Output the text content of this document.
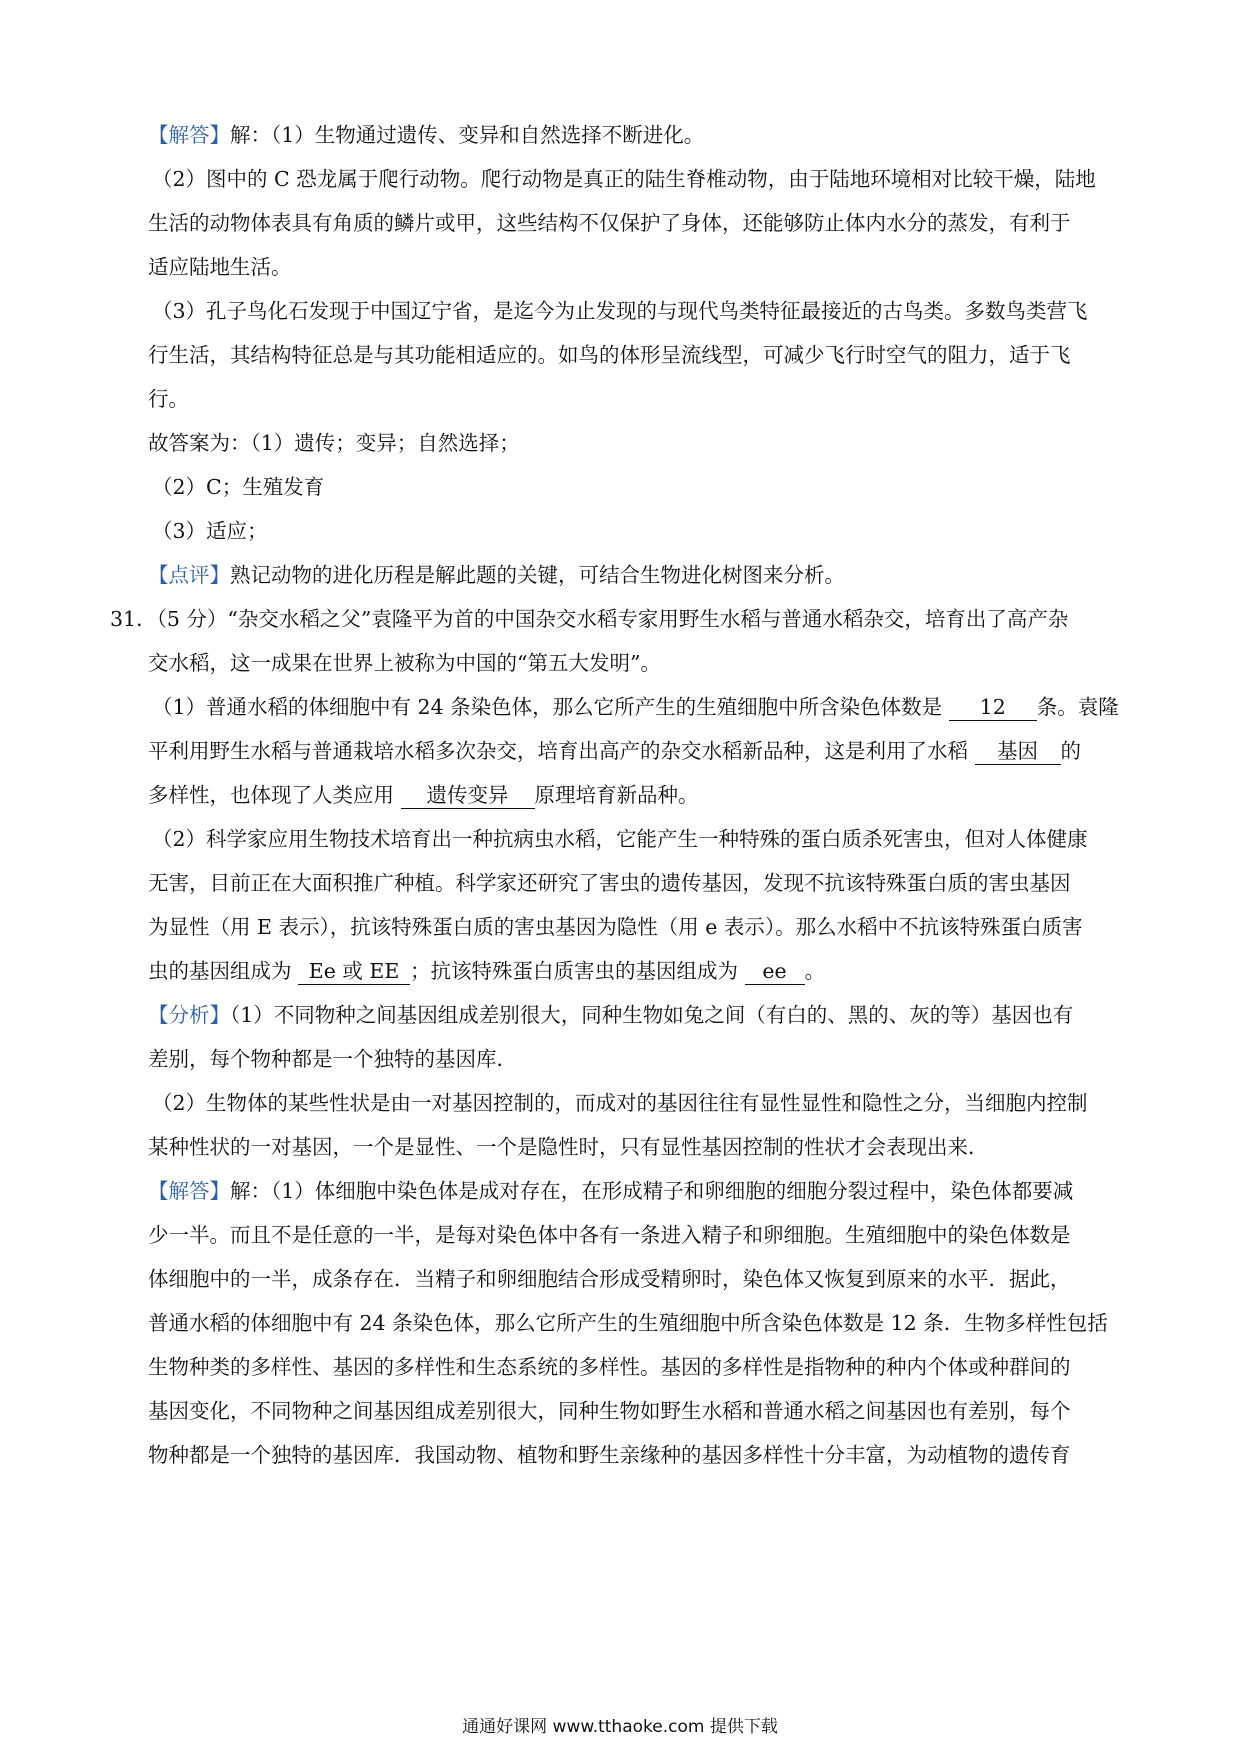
【解答】解：（1）生物通过遗传、变异和自然选择不断进化。
（2）图中的 C 恐龙属于爬行动物。爬行动物是真正的陆生脊椎动物，由于陆地环境相对比较干燥，陆地
生活的动物体表具有角质的鳞片或甲，这些结构不仅保护了身体，还能够防止体内水分的蒸发，有利于
适应陆地生活。
（3）孔子鸟化石发现于中国辽宁省，是迄今为止发现的与现代鸟类特征最接近的古鸟类。多数鸟类营飞
行生活，其结构特征总是与其功能相适应的。如鸟的体形呈流线型，可减少飞行时空气的阻力，适于飞
行。
故答案为：（1）遗传；变异；自然选择；
（2）C；生殖发育
（3）适应；
【点评】熟记动物的进化历程是解此题的关键，可结合生物进化树图来分析。
31．（5 分）“杂交水稻之父”袁隆平为首的中国杂交水稻专家用野生水稻与普通水稻杂交，培育出了高产杂
交水稻，这一成果在世界上被称为中国的“第五大发明”。
（1）普通水稻的体细胞中有 24 条染色体，那么它所产生的生殖细胞中所含染色体数是 12 条。袁隆
平利用野生水稻与普通栽培水稻多次杂交，培育出高产的杂交水稻新品种，这是利用了水稻 基因 的
多样性，也体现了人类应用 遗传变异 原理培育新品种。
（2）科学家应用生物技术培育出一种抗病虫水稻，它能产生一种特殊的蛋白质杀死害虫，但对人体健康
无害，目前正在大面积推广种植。科学家还研究了害虫的遗传基因，发现不抗该特殊蛋白质的害虫基因
为显性（用 E 表示），抗该特殊蛋白质的害虫基因为隐性（用 e 表示）。那么水稻中不抗该特殊蛋白质害
虫的基因组成为 Ee 或 EE ；抗该特殊蛋白质害虫的基因组成为 ee 。
【分析】（1）不同物种之间基因组成差别很大，同种生物如兔之间（有白的、黑的、灰的等）基因也有
差别，每个物种都是一个独特的基因库．
（2）生物体的某些性状是由一对基因控制的，而成对的基因往往有显性显性和隐性之分，当细胞内控制
某种性状的一对基因，一个是显性、一个是隐性时，只有显性基因控制的性状才会表现出来．
【解答】解：（1）体细胞中染色体是成对存在，在形成精子和卵细胞的细胞分裂过程中，染色体都要减
少一半。而且不是任意的一半，是每对染色体中各有一条进入精子和卵细胞。生殖细胞中的染色体数是
体细胞中的一半，成条存在．当精子和卵细胞结合形成受精卵时，染色体又恢复到原来的水平．据此，
普通水稻的体细胞中有 24 条染色体，那么它所产生的生殖细胞中所含染色体数是 12 条．生物多样性包括
生物种类的多样性、基因的多样性和生态系统的多样性。基因的多样性是指物种的种内个体或种群间的
基因变化，不同物种之间基因组成差别很大，同种生物如野生水稻和普通水稻之间基因也有差别，每个
物种都是一个独特的基因库．我国动物、植物和野生亲缘种的基因多样性十分丰富，为动植物的遗传育
通通好课网 www.tthaoke.com 提供下载
